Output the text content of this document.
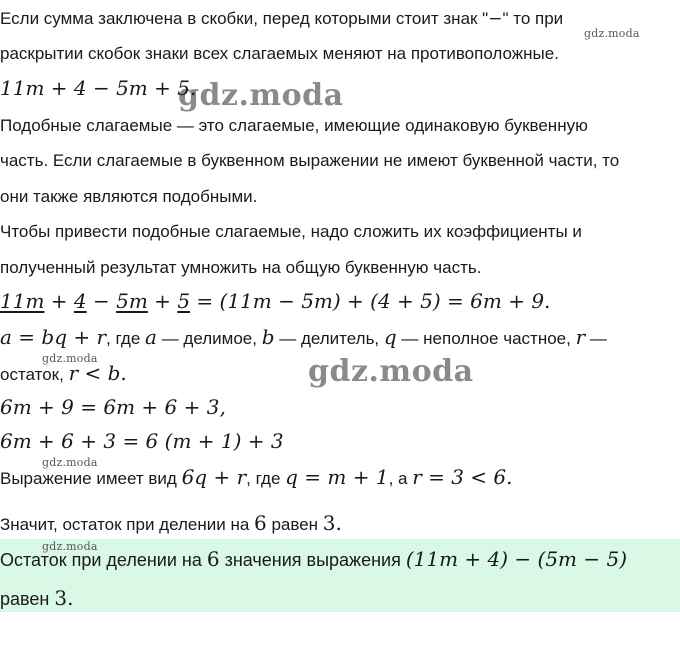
gdz.moda
gdz.moda
gdz.moda	gdz.moda
gdz.moda
gdz.moda
Если сумма заключена в скобки, перед которыми стоит знак "−" то при
раскрытии скобок знаки всех слагаемых меняют на противоположные.
11m + 4 − 5m + 5.
Подобные слагаемые — это слагаемые, имеющие одинаковую буквенную
часть. Если слагаемые в буквенном выражении не имеют буквенной части, то
они также являются подобными.
Чтобы привести подобные слагаемые, надо сложить их коэффициенты и
полученный результат умножить на общую буквенную часть.
11m + 4 − 5m + 5 = (11m − 5m) + (4 + 5) = 6m + 9.
a = bq + r, где a — делимое, b — делитель, q — неполное частное, r —
остаток, r < b.
6m + 9 = 6m + 6 + 3,
6m + 6 + 3 = 6 (m + 1) + 3
Выражение имеет вид 6q + r, где q = m + 1, а r = 3 < 6.
Значит, остаток при делении на 6 равен 3.
Остаток при делении на 6 значения выражения (11m + 4) − (5m − 5)
равен 3.
